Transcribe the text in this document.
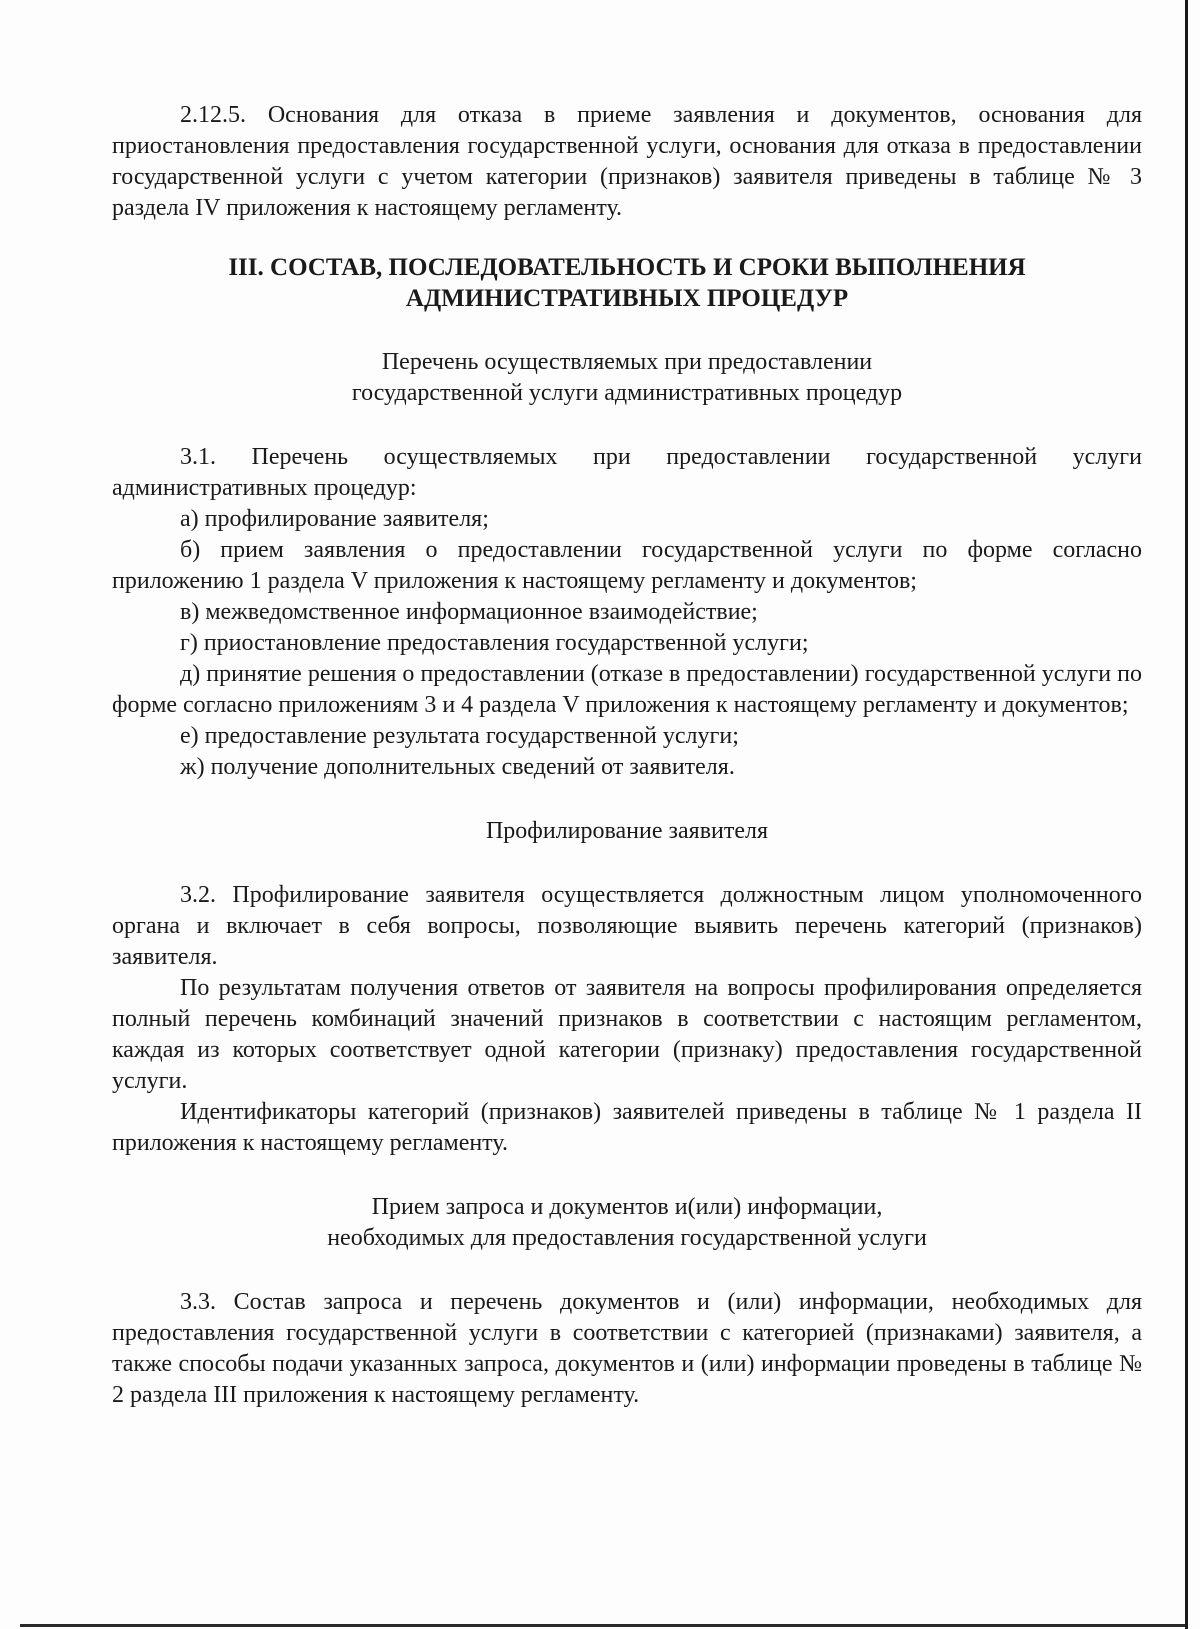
2.12.5. Основания для отказа в приеме заявления и документов, основания для приостановления предоставления государственной услуги, основания для отказа в предоставлении государственной услуги с учетом категории (признаков) заявителя приведены в таблице № 3 раздела IV приложения к настоящему регламенту.

III. СОСТАВ, ПОСЛЕДОВАТЕЛЬНОСТЬ И СРОКИ ВЫПОЛНЕНИЯ
АДМИНИСТРАТИВНЫХ ПРОЦЕДУР
Перечень осуществляемых при предоставлении
государственной услуги административных процедур

3.1. Перечень осуществляемых при предоставлении государственной услуги административных процедур:

а) профилирование заявителя;

б) прием заявления о предоставлении государственной услуги по форме согласно приложению 1 раздела V приложения к настоящему регламенту и документов;

в) межведомственное информационное взаимодействие;

г) приостановление предоставления государственной услуги;

д) принятие решения о предоставлении (отказе в предоставлении) государственной услуги по форме согласно приложениям 3 и 4 раздела V приложения к настоящему регламенту и документов;

е) предоставление результата государственной услуги;

ж) получение дополнительных сведений от заявителя.

Профилирование заявителя

3.2. Профилирование заявителя осуществляется должностным лицом уполномоченного органа и включает в себя вопросы, позволяющие выявить перечень категорий (признаков) заявителя.

По результатам получения ответов от заявителя на вопросы профилирования определяется полный перечень комбинаций значений признаков в соответствии с настоящим регламентом, каждая из которых соответствует одной категории (признаку) предоставления государственной услуги.

Идентификаторы категорий (признаков) заявителей приведены в таблице № 1 раздела II приложения к настоящему регламенту.

Прием запроса и документов и(или) информации,
необходимых для предоставления государственной услуги

3.3. Состав запроса и перечень документов и (или) информации, необходимых для предоставления государственной услуги в соответствии с категорией (признаками) заявителя, а также способы подачи указанных запроса, документов и (или) информации проведены в таблице № 2 раздела III приложения к настоящему регламенту.
